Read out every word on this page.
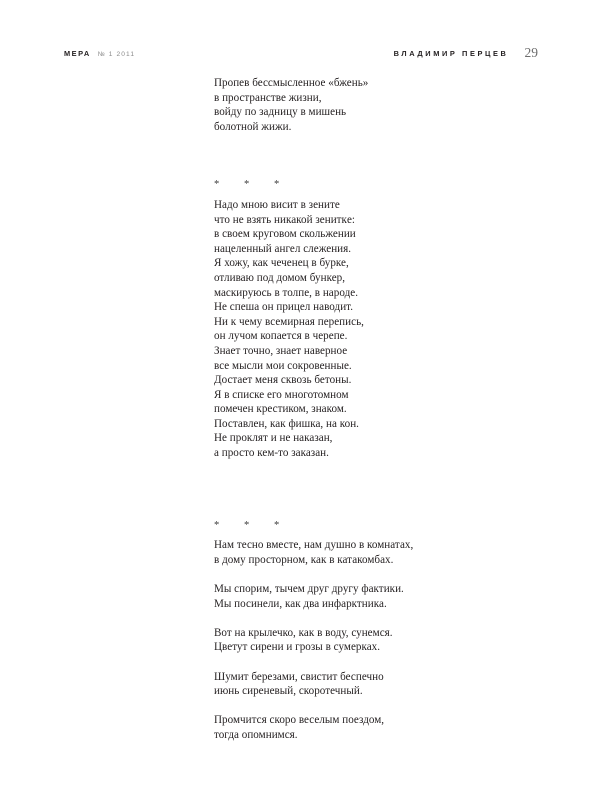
МЕРА № 1 2011	ВЛАДИМИР ПЕРЦЕВ 29
Пропев бессмысленное «бжень»
в пространстве жизни,
войду по задницу в мишень
болотной жижи.
*  *  *
Надо мною висит в зените
что не взять никакой зениткe:
в своем круговом скольжении
нацеленный ангел слежения.
Я хожу, как чеченец в бурке,
отливаю под домом бункер,
маскируюсь в толпе, в народе.
Не спеша он прицел наводит.
Ни к чему всемирная перепись,
он лучом копается в черепе.
Знает точно, знает наверное
все мысли мои сокровенные.
Достает меня сквозь бетоны.
Я в списке его многотомном
помечен крестиком, знаком.
Поставлен, как фишка, на кон.
Не проклят и не наказан,
а просто кем-то заказан.
*  *  *
Нам тесно вместе, нам душно в комнатах,
в дому просторном, как в катакомбах.
Мы спорим, тычем друг другу фактики.
Мы посинели, как два инфарктника.
Вот на крылечко, как в воду, сунемся.
Цветут сирени и грозы в сумерках.
Шумит березами, свистит беспечно
июнь сиреневый, скоротечный.
Промчится скоро веселым поездом,
тогда опомнимся.
